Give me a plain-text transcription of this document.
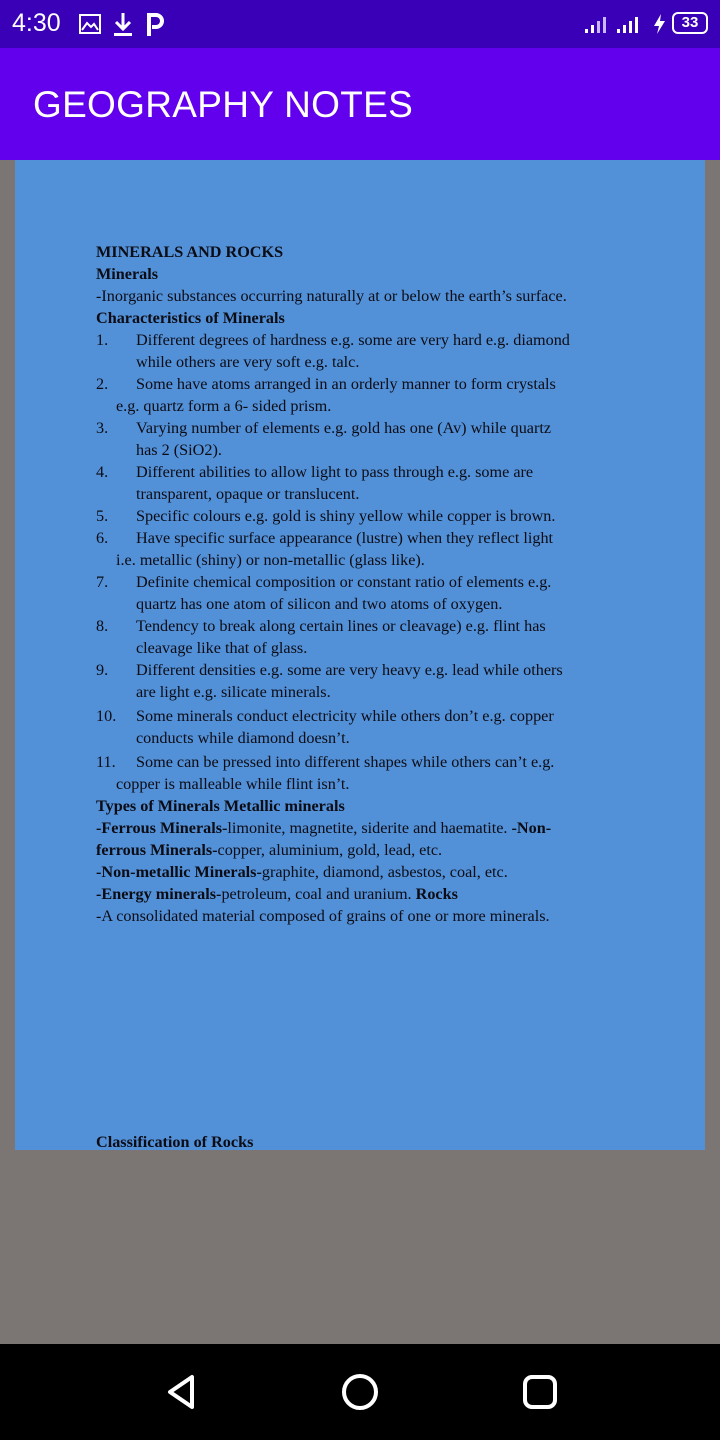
4:30	33
GEOGRAPHY NOTES
MINERALS AND ROCKS
Minerals
-Inorganic substances occurring naturally at or below the earth’s surface.
Characteristics of Minerals
1. Different degrees of hardness e.g. some are very hard e.g. diamond
while others are very soft e.g. talc.
2. Some have atoms arranged in an orderly manner to form crystals
e.g. quartz form a 6- sided prism.
3. Varying number of elements e.g. gold has one (Av) while quartz
has 2 (SiO2).
4. Different abilities to allow light to pass through e.g. some are
transparent, opaque or translucent.
5. Specific colours e.g. gold is shiny yellow while copper is brown.
6. Have specific surface appearance (lustre) when they reflect light
i.e. metallic (shiny) or non-metallic (glass like).
7. Definite chemical composition or constant ratio of elements e.g.
quartz has one atom of silicon and two atoms of oxygen.
8. Tendency to break along certain lines or cleavage) e.g. flint has
cleavage like that of glass.
9. Different densities e.g. some are very heavy e.g. lead while others
are light e.g. silicate minerals.
10. Some minerals conduct electricity while others don’t e.g. copper
conducts while diamond doesn’t.
11. Some can be pressed into different shapes while others can’t e.g.
copper is malleable while flint isn’t.
Types of Minerals Metallic minerals
-Ferrous Minerals-limonite, magnetite, siderite and haematite. -Non-
ferrous Minerals-copper, aluminium, gold, lead, etc.
-Non-metallic Minerals-graphite, diamond, asbestos, coal, etc.
-Energy minerals-petroleum, coal and uranium. Rocks
-A consolidated material composed of grains of one or more minerals.
Classification of Rocks
